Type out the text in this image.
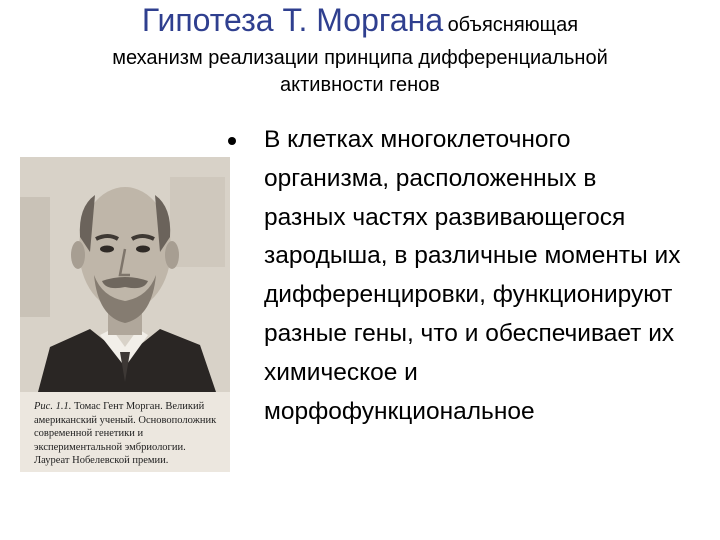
Гипотеза Т. Моргана объясняющая
механизм реализации принципа дифференциальной
активности генов
Рис. 1.1. Томас Гент Морган. Великий американский ученый. Основоположник современной генетики и экспериментальной эмбриологии. Лауреат Нобелевской премии.
В клетках многоклеточного организма, расположенных в разных частях развивающегося зародыша, в различные моменты их дифференцировки, функционируют разные гены, что и обеспечивает их химическое и морфофункциональное
